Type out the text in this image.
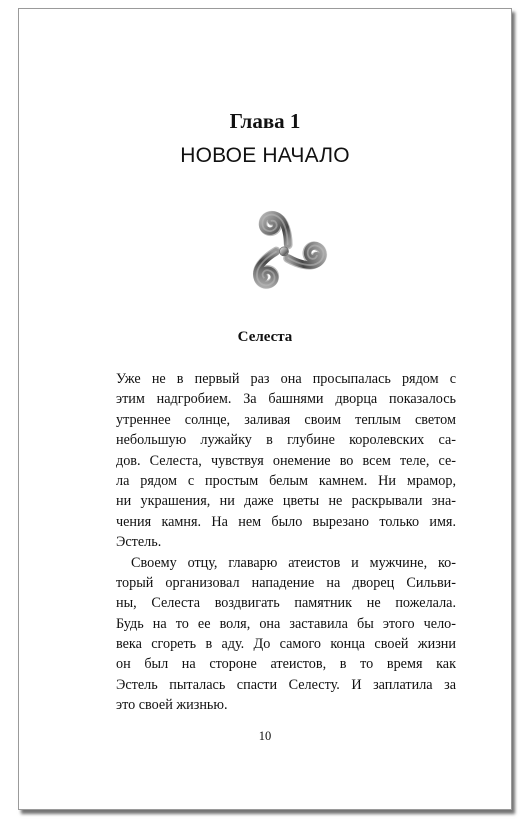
Глава 1
НОВОЕ НАЧАЛО
Селеста
Уже не в первый раз она просыпалась рядом с
этим надгробием. За башнями дворца показалось
утреннее солнце, заливая своим теплым светом
небольшую лужайку в глубине королевских са-
дов. Селеста, чувствуя онемение во всем теле, се-
ла рядом с простым белым камнем. Ни мрамор,
ни украшения, ни даже цветы не раскрывали зна-
чения камня. На нем было вырезано только имя.
Эстель.
Своему отцу, главарю атеистов и мужчине, ко-
торый организовал нападение на дворец Сильви-
ны, Селеста воздвигать памятник не пожелала.
Будь на то ее воля, она заставила бы этого чело-
века сгореть в аду. До самого конца своей жизни
он был на стороне атеистов, в то время как
Эстель пыталась спасти Селесту. И заплатила за
это своей жизнью.
10
